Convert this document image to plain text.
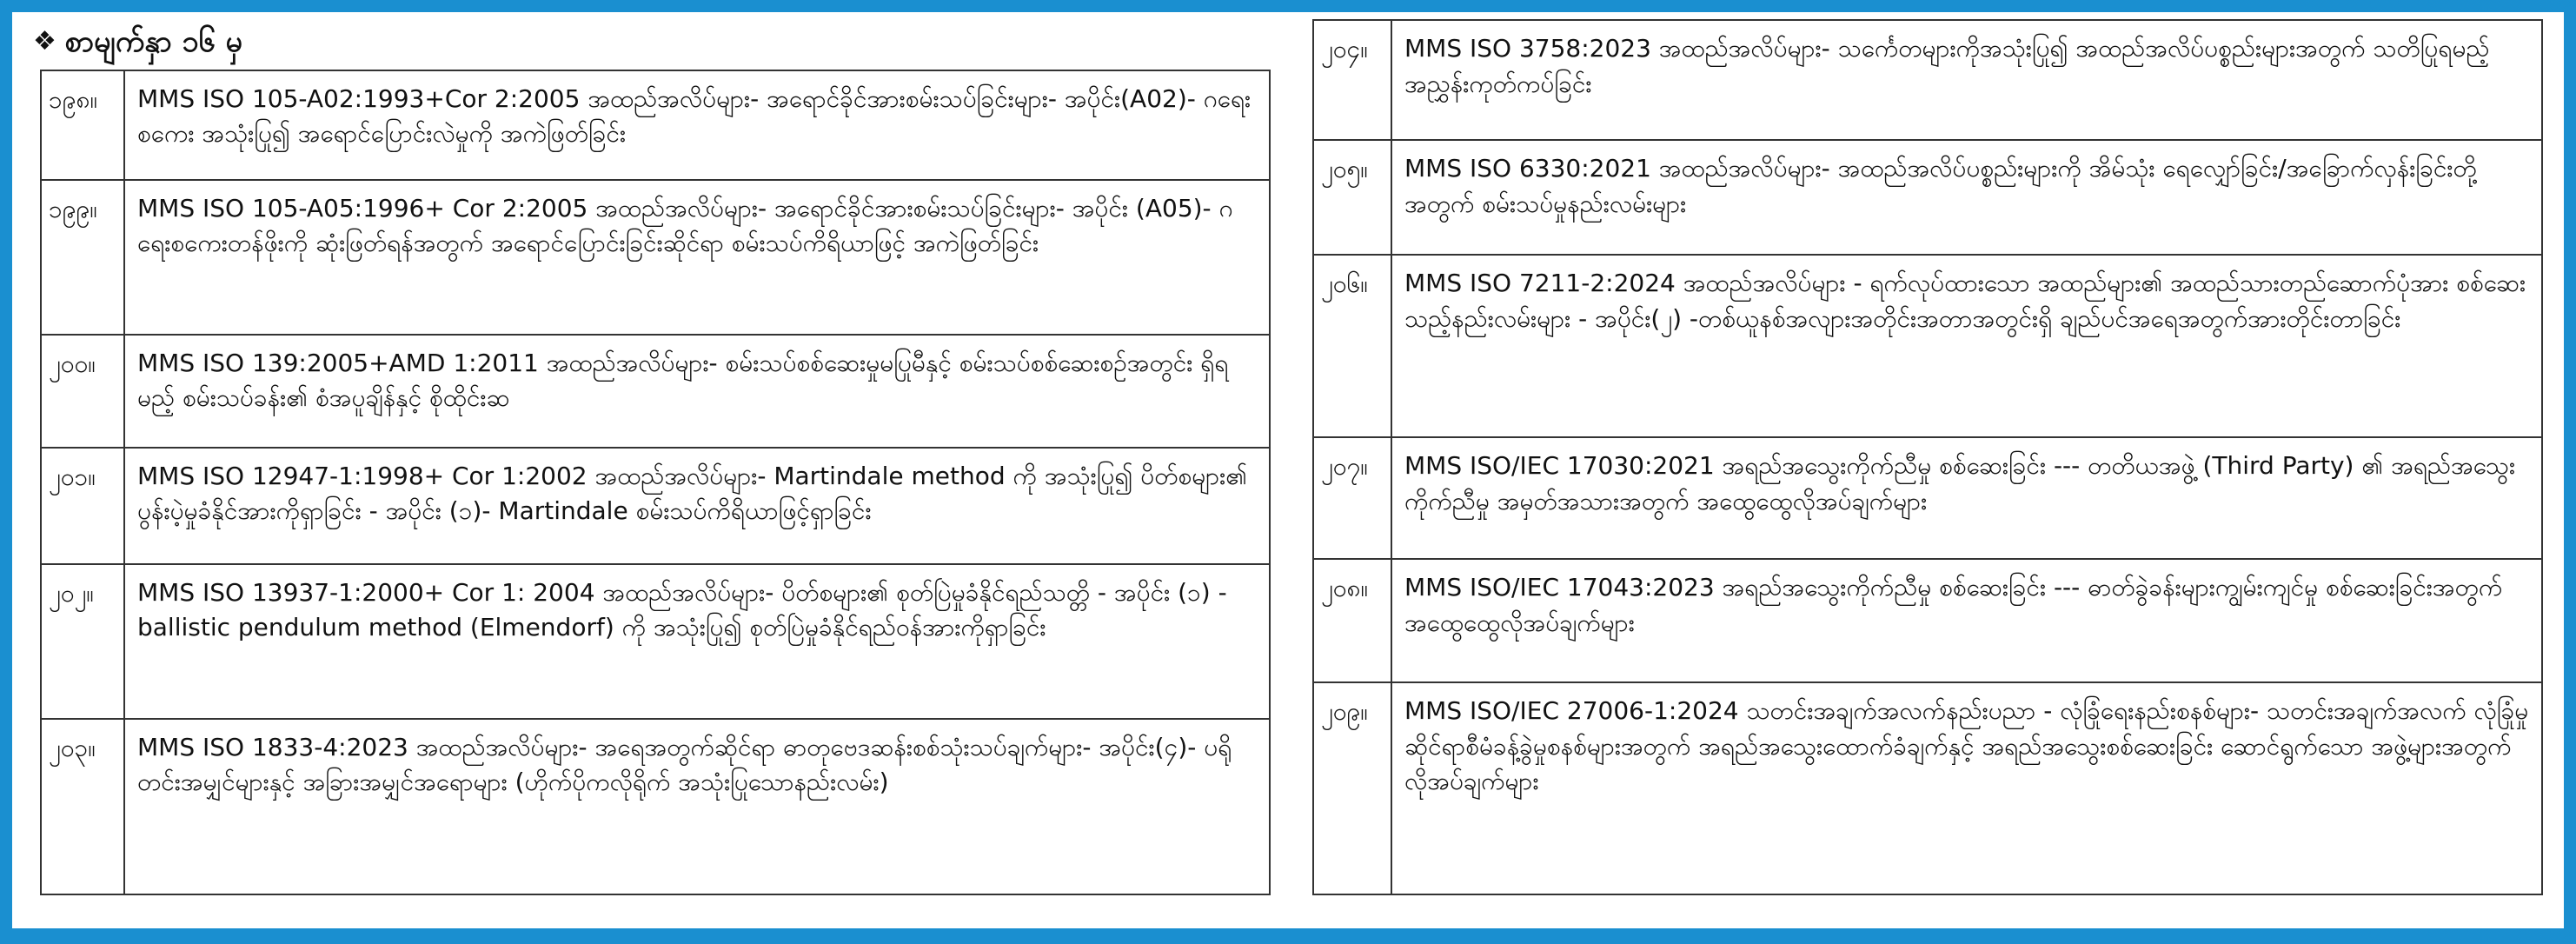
❖ စာမျက်နှာ ၁၆ မှ
၁၉၈။	MMS ISO 105-A02:1993+Cor 2:2005 အထည်အလိပ်များ- အရောင်ခိုင်အားစမ်းသပ်ခြင်းများ- အပိုင်း(A02)- ဂရေးစကေး အသုံးပြု၍ အရောင်ပြောင်းလဲမှုကို အကဲဖြတ်ခြင်း
၁၉၉။	MMS ISO 105-A05:1996+ Cor 2:2005 အထည်အလိပ်များ- အရောင်ခိုင်အားစမ်းသပ်ခြင်းများ- အပိုင်း (A05)- ဂရေးစကေးတန်ဖိုးကို ဆုံးဖြတ်ရန်အတွက် အရောင်ပြောင်းခြင်းဆိုင်ရာ စမ်းသပ်ကိရိယာဖြင့် အကဲဖြတ်ခြင်း
၂၀၀။	MMS ISO 139:2005+AMD 1:2011 အထည်အလိပ်များ- စမ်းသပ်စစ်ဆေးမှုမပြုမီနှင့် စမ်းသပ်စစ်ဆေးစဉ်အတွင်း ရှိရမည့် စမ်းသပ်ခန်း၏ စံအပူချိန်နှင့် စိုထိုင်းဆ
၂၀၁။	MMS ISO 12947-1:1998+ Cor 1:2002 အထည်အလိပ်များ- Martindale method ကို အသုံးပြု၍ ပိတ်စများ၏ ပွန်းပဲ့မှုခံနိုင်အားကိုရှာခြင်း - အပိုင်း (၁)- Martindale စမ်းသပ်ကိရိယာဖြင့်ရှာခြင်း
၂၀၂။	MMS ISO 13937-1:2000+ Cor 1: 2004 အထည်အလိပ်များ- ပိတ်စများ၏ စုတ်ပြဲမှုခံနိုင်ရည်သတ္တိ - အပိုင်း (၁) - ballistic pendulum method (Elmendorf) ကို အသုံးပြု၍ စုတ်ပြဲမှုခံနိုင်ရည်ဝန်အားကိုရှာခြင်း
၂၀၃။	MMS ISO 1833-4:2023 အထည်အလိပ်များ- အရေအတွက်ဆိုင်ရာ ဓာတုဗေဒဆန်းစစ်သုံးသပ်ချက်များ- အပိုင်း(၄)- ပရိုတင်းအမျှင်များနှင့် အခြားအမျှင်အရောများ (ဟိုက်ပိုကလိုရိုက် အသုံးပြုသောနည်းလမ်း)
၂၀၄။	MMS ISO 3758:2023 အထည်အလိပ်များ- သင်္ကေတများကိုအသုံးပြု၍ အထည်အလိပ်ပစ္စည်းများအတွက် သတိပြုရမည့်အညွှန်းကုတ်ကပ်ခြင်း
၂၀၅။	MMS ISO 6330:2021 အထည်အလိပ်များ- အထည်အလိပ်ပစ္စည်းများကို အိမ်သုံး ရေလျှော်ခြင်း/အခြောက်လှန်းခြင်းတို့အတွက် စမ်းသပ်မှုနည်းလမ်းများ
၂၀၆။	MMS ISO 7211-2:2024 အထည်အလိပ်များ - ရက်လုပ်ထားသော အထည်များ၏ အထည်သားတည်ဆောက်ပုံအား စစ်ဆေးသည့်နည်းလမ်းများ - အပိုင်း(၂) -တစ်ယူနစ်အလျားအတိုင်းအတာအတွင်းရှိ ချည်ပင်အရေအတွက်အားတိုင်းတာခြင်း
၂၀၇။	MMS ISO/IEC 17030:2021 အရည်အသွေးကိုက်ညီမှု စစ်ဆေးခြင်း --- တတိယအဖွဲ့ (Third Party) ၏ အရည်အသွေးကိုက်ညီမှု အမှတ်အသားအတွက် အထွေထွေလိုအပ်ချက်များ
၂၀၈။	MMS ISO/IEC 17043:2023 အရည်အသွေးကိုက်ညီမှု စစ်ဆေးခြင်း --- ဓာတ်ခွဲခန်းများကျွမ်းကျင်မှု စစ်ဆေးခြင်းအတွက် အထွေထွေလိုအပ်ချက်များ
၂၀၉။	MMS ISO/IEC 27006-1:2024 သတင်းအချက်အလက်နည်းပညာ - လုံခြုံရေးနည်းစနစ်များ- သတင်းအချက်အလက် လုံခြုံမှုဆိုင်ရာစီမံခန့်ခွဲမှုစနစ်များအတွက် အရည်အသွေးထောက်ခံချက်နှင့် အရည်အသွေးစစ်ဆေးခြင်း ဆောင်ရွက်သော အဖွဲ့များအတွက် လိုအပ်ချက်များ
